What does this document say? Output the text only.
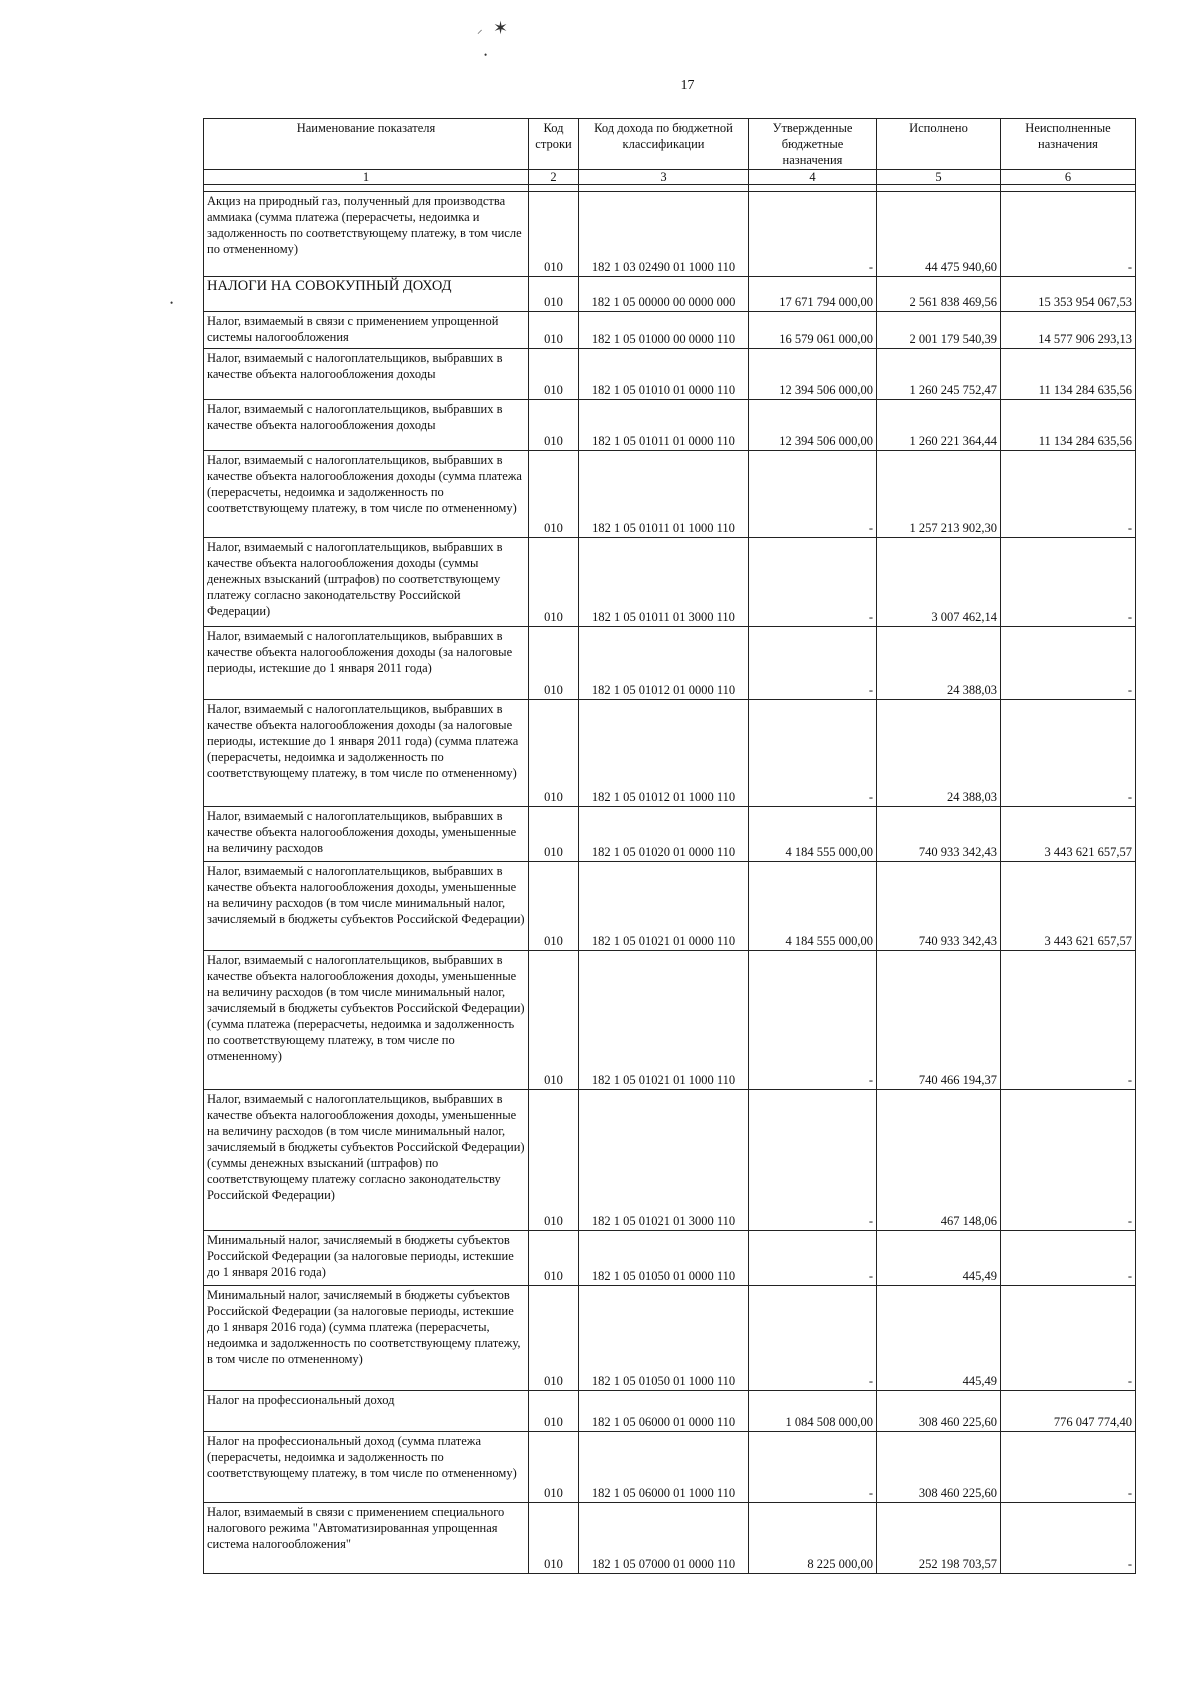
✶
⸝
•
•
17
Наименование показателя	Код строки	Код дохода по бюджетной классификации	Утвержденные бюджетные назначения	Исполнено	Неисполненные назначения
1	2	3	4	5	6

Акциз на природный газ, полученный для производства аммиака (сумма платежа (перерасчеты, недоимка и задолженность по соответствующему платежу, в том числе по отмененному)	010	182 1 03 02490 01 1000 110	-	44 475 940,60	-
НАЛОГИ НА СОВОКУПНЫЙ ДОХОД	010	182 1 05 00000 00 0000 000	17 671 794 000,00	2 561 838 469,56	15 353 954 067,53
Налог, взимаемый в связи с применением упрощенной системы налогообложения	010	182 1 05 01000 00 0000 110	16 579 061 000,00	2 001 179 540,39	14 577 906 293,13
Налог, взимаемый с налогоплательщиков, выбравших в качестве объекта налогообложения доходы	010	182 1 05 01010 01 0000 110	12 394 506 000,00	1 260 245 752,47	11 134 284 635,56
Налог, взимаемый с налогоплательщиков, выбравших в качестве объекта налогообложения доходы	010	182 1 05 01011 01 0000 110	12 394 506 000,00	1 260 221 364,44	11 134 284 635,56
Налог, взимаемый с налогоплательщиков, выбравших в качестве объекта налогообложения доходы (сумма платежа (перерасчеты, недоимка и задолженность по соответствующему платежу, в том числе по отмененному)	010	182 1 05 01011 01 1000 110	-	1 257 213 902,30	-
Налог, взимаемый с налогоплательщиков, выбравших в качестве объекта налогообложения доходы (суммы денежных взысканий (штрафов) по соответствующему платежу согласно законодательству Российской Федерации)	010	182 1 05 01011 01 3000 110	-	3 007 462,14	-
Налог, взимаемый с налогоплательщиков, выбравших в качестве объекта налогообложения доходы (за налоговые периоды, истекшие до 1 января 2011 года)	010	182 1 05 01012 01 0000 110	-	24 388,03	-
Налог, взимаемый с налогоплательщиков, выбравших в качестве объекта налогообложения доходы (за налоговые периоды, истекшие до 1 января 2011 года) (сумма платежа (перерасчеты, недоимка и задолженность по соответствующему платежу, в том числе по отмененному)	010	182 1 05 01012 01 1000 110	-	24 388,03	-
Налог, взимаемый с налогоплательщиков, выбравших в качестве объекта налогообложения доходы, уменьшенные на величину расходов	010	182 1 05 01020 01 0000 110	4 184 555 000,00	740 933 342,43	3 443 621 657,57
Налог, взимаемый с налогоплательщиков, выбравших в качестве объекта налогообложения доходы, уменьшенные на величину расходов (в том числе минимальный налог, зачисляемый в бюджеты субъектов Российской Федерации)	010	182 1 05 01021 01 0000 110	4 184 555 000,00	740 933 342,43	3 443 621 657,57
Налог, взимаемый с налогоплательщиков, выбравших в качестве объекта налогообложения доходы, уменьшенные на величину расходов (в том числе минимальный налог, зачисляемый в бюджеты субъектов Российской Федерации) (сумма платежа (перерасчеты, недоимка и задолженность по соответствующему платежу, в том числе по отмененному)	010	182 1 05 01021 01 1000 110	-	740 466 194,37	-
Налог, взимаемый с налогоплательщиков, выбравших в качестве объекта налогообложения доходы, уменьшенные на величину расходов (в том числе минимальный налог, зачисляемый в бюджеты субъектов Российской Федерации) (суммы денежных взысканий (штрафов) по соответствующему платежу согласно законодательству Российской Федерации)	010	182 1 05 01021 01 3000 110	-	467 148,06	-
Минимальный налог, зачисляемый в бюджеты субъектов Российской Федерации (за налоговые периоды, истекшие до 1 января 2016 года)	010	182 1 05 01050 01 0000 110	-	445,49	-
Минимальный налог, зачисляемый в бюджеты субъектов Российской Федерации (за налоговые периоды, истекшие до 1 января 2016 года) (сумма платежа (перерасчеты, недоимка и задолженность по соответствующему платежу, в том числе по отмененному)	010	182 1 05 01050 01 1000 110	-	445,49	-
Налог на профессиональный доход	010	182 1 05 06000 01 0000 110	1 084 508 000,00	308 460 225,60	776 047 774,40
Налог на профессиональный доход (сумма платежа (перерасчеты, недоимка и задолженность по соответствующему платежу, в том числе по отмененному)	010	182 1 05 06000 01 1000 110	-	308 460 225,60	-
Налог, взимаемый в связи с применением специального налогового режима "Автоматизированная упрощенная система налогообложения"	010	182 1 05 07000 01 0000 110	8 225 000,00	252 198 703,57	-
